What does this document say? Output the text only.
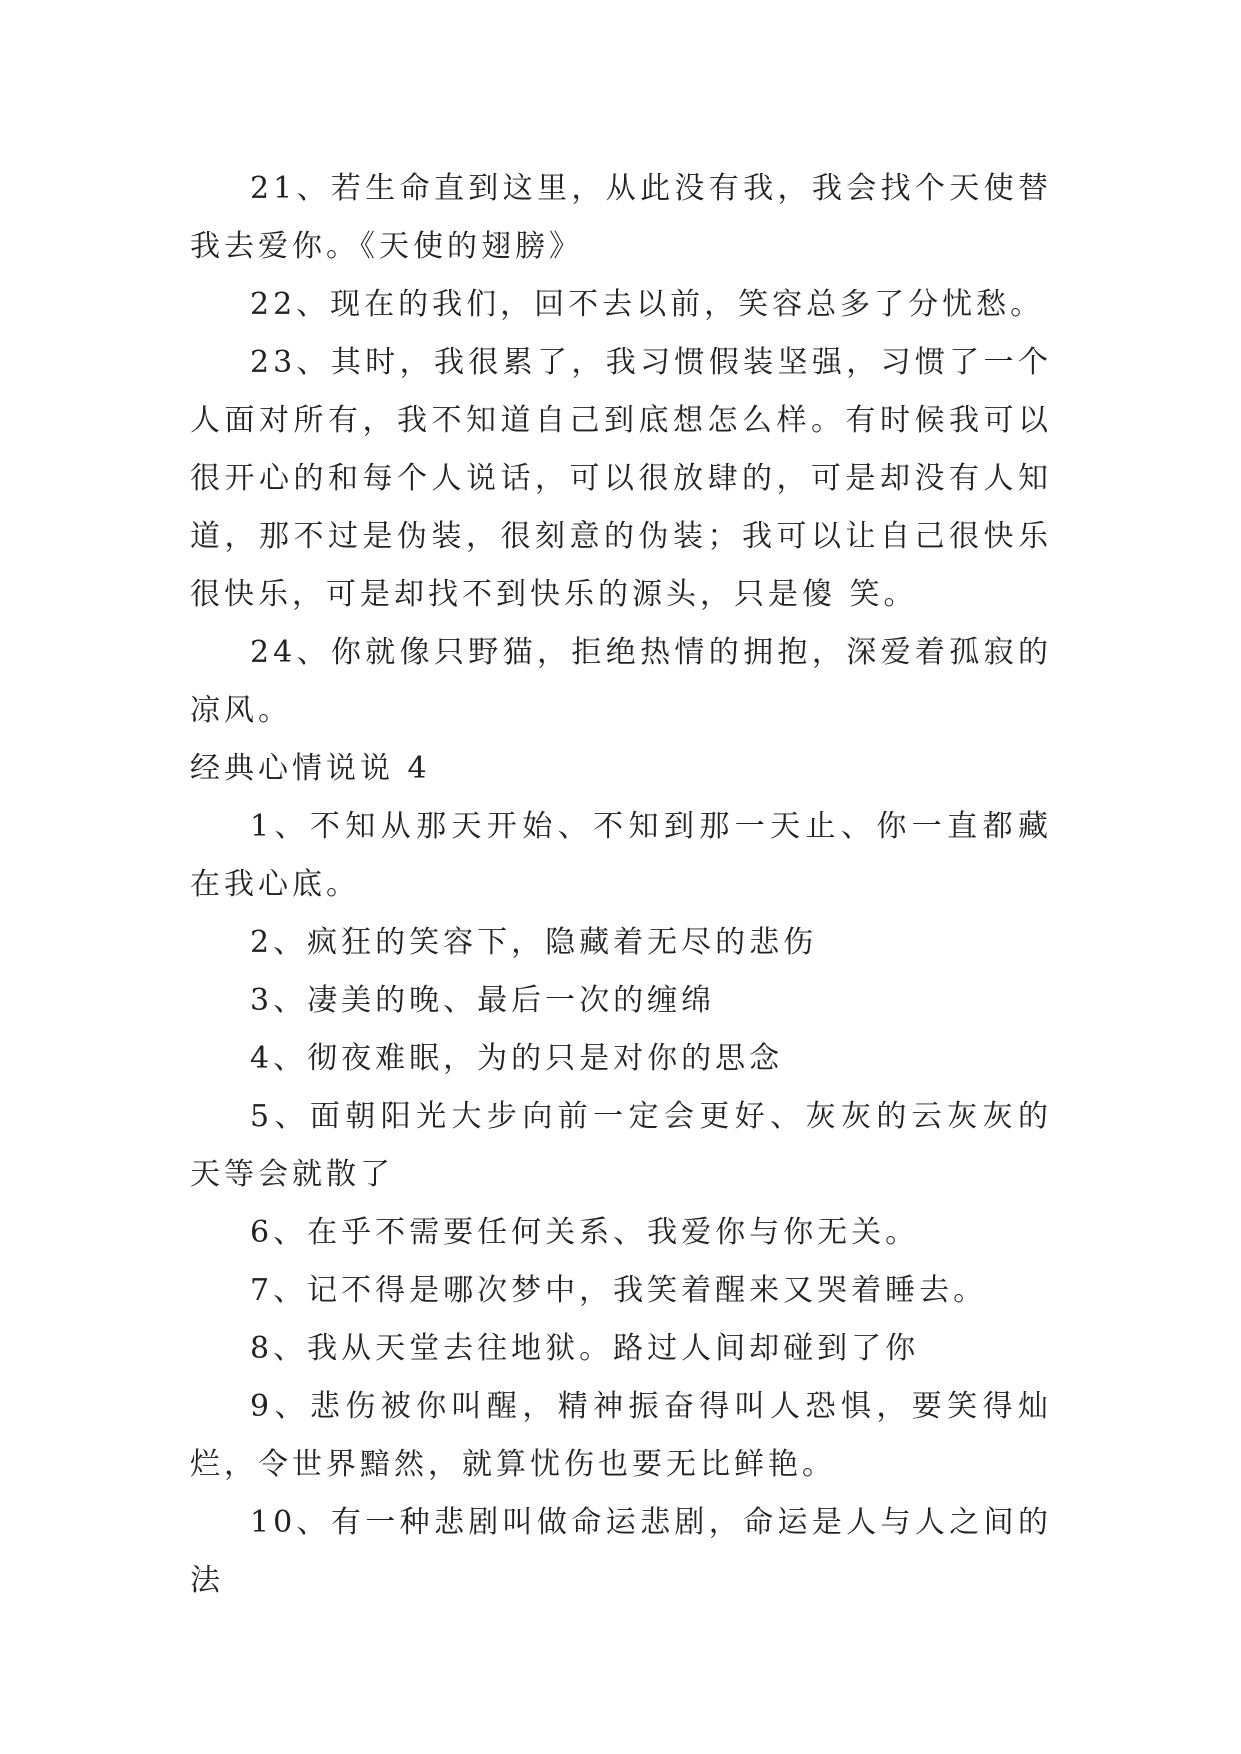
21、若生命直到这里，从此没有我，我会找个天使替我去爱你。《天使的翅膀》

22、现在的我们，回不去以前，笑容总多了分忧愁。

23、其时，我很累了，我习惯假装坚强，习惯了一个人面对所有，我不知道自己到底想怎么样。有时候我可以很开心的和每个人说话，可以很放肆的，可是却没有人知道，那不过是伪装，很刻意的伪装；我可以让自己很快乐很快乐，可是却找不到快乐的源头，只是傻 笑。

24、你就像只野猫，拒绝热情的拥抱，深爱着孤寂的凉风。

经典心情说说 4

1、不知从那天开始、不知到那一天止、你一直都藏在我心底。

2、疯狂的笑容下，隐藏着无尽的悲伤

3、凄美的晚、最后一次的缠绵

4、彻夜难眠，为的只是对你的思念

5、面朝阳光大步向前一定会更好、灰灰的云灰灰的天等会就散了

6、在乎不需要任何关系、我爱你与你无关。

7、记不得是哪次梦中，我笑着醒来又哭着睡去。

8、我从天堂去往地狱。路过人间却碰到了你

9、悲伤被你叫醒，精神振奋得叫人恐惧，要笑得灿烂，令世界黯然，就算忧伤也要无比鲜艳。

10、有一种悲剧叫做命运悲剧，命运是人与人之间的法
